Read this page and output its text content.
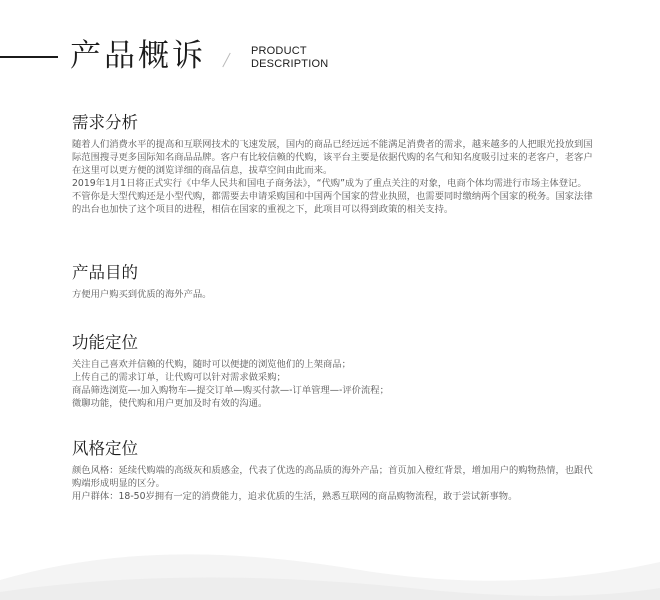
产品概诉	PRODUCT
DESCRIPTION
需求分析

随着人们消费水平的提高和互联网技术的飞速发展，国内的商品已经远远不能满足消费者的需求，越来越多的人把眼光投放到国际范围搜寻更多国际知名商品品牌。客户有比较信赖的代购，该平台主要是依据代购的名气和知名度吸引过来的老客户，老客户在这里可以更方便的浏览详细的商品信息，拔草空间由此而来。
2019年1月1日将正式实行《中华人民共和国电子商务法》，“代购”成为了重点关注的对象，电商个体均需进行市场主体登记。不管你是大型代购还是小型代购，都需要去申请采购国和中国两个国家的营业执照，也需要同时缴纳两个国家的税务。国家法律的出台也加快了这个项目的进程，相信在国家的重视之下，此项目可以得到政策的相关支持。

产品目的

方便用户购买到优质的海外产品。

功能定位

关注自己喜欢并信赖的代购，随时可以便捷的浏览他们的上架商品；
上传自己的需求订单，让代购可以针对需求做采购；
商品筛选浏览—-加入购物车—提交订单—购买付款—-订单管理—-评价流程；
微聊功能，使代购和用户更加及时有效的沟通。

风格定位

颜色风格：延续代购端的高级灰和质感金，代表了优选的高品质的海外产品；首页加入橙红背景，增加用户的购物热情，也跟代购端形成明显的区分。
用户群体：18-50岁拥有一定的消费能力，追求优质的生活，熟悉互联网的商品购物流程，敢于尝试新事物。
